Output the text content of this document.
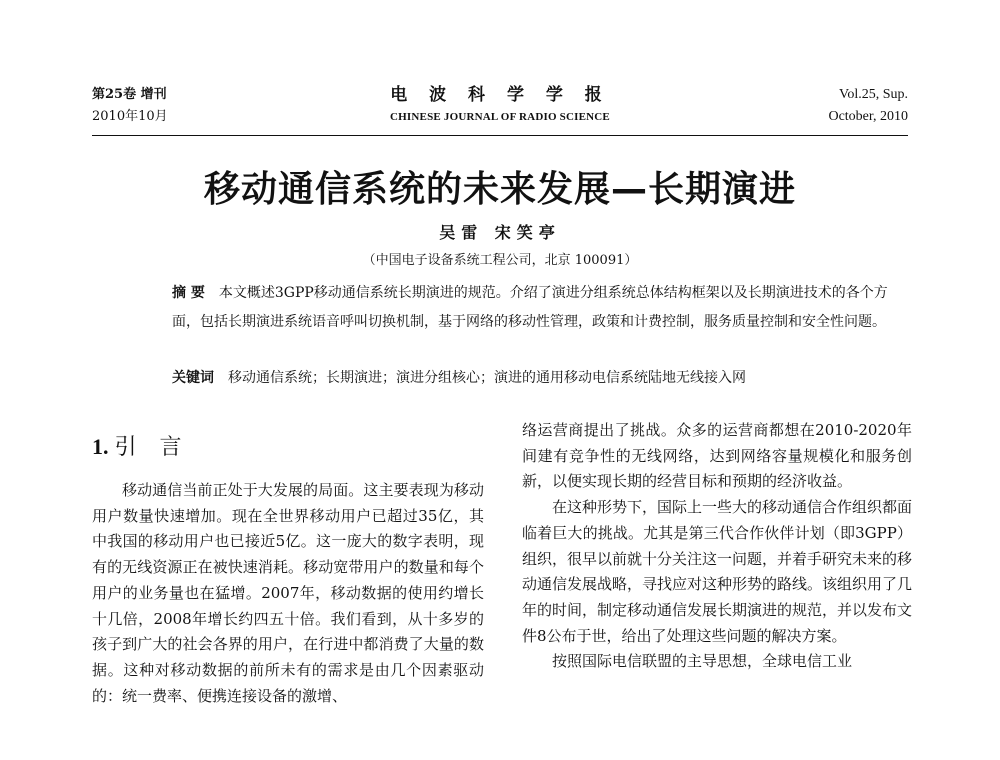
第25卷 增刊
2010年10月
电 波 科 学 学 报
CHINESE JOURNAL OF RADIO SCIENCE
Vol.25, Sup.
October, 2010
移动通信系统的未来发展—长期演进
吴雷 宋笑亭
（中国电子设备系统工程公司，北京 100091）
摘 要 本文概述3GPP移动通信系统长期演进的规范。介绍了演进分组系统总体结构框架以及长期演进技术的各个方面，包括长期演进系统语音呼叫切换机制，基于网络的移动性管理，政策和计费控制，服务质量控制和安全性问题。
关键词 移动通信系统；长期演进；演进分组核心；演进的通用移动电信系统陆地无线接入网
1. 引 言

移动通信当前正处于大发展的局面。这主要表现为移动用户数量快速增加。现在全世界移动用户已超过35亿，其中我国的移动用户也已接近5亿。这一庞大的数字表明，现有的无线资源正在被快速消耗。移动宽带用户的数量和每个用户的业务量也在猛增。2007年，移动数据的使用约增长十几倍，2008年增长约四五十倍。我们看到，从十多岁的孩子到广大的社会各界的用户，在行进中都消费了大量的数据。这种对移动数据的前所未有的需求是由几个因素驱动的：统一费率、便携连接设备的激增、

络运营商提出了挑战。众多的运营商都想在2010-2020年间建有竞争性的无线网络，达到网络容量规模化和服务创新，以便实现长期的经营目标和预期的经济收益。

在这种形势下，国际上一些大的移动通信合作组织都面临着巨大的挑战。尤其是第三代合作伙伴计划（即3GPP）组织，很早以前就十分关注这一问题，并着手研究未来的移动通信发展战略，寻找应对这种形势的路线。该组织用了几年的时间，制定移动通信发展长期演进的规范，并以发布文件8公布于世，给出了处理这些问题的解决方案。

按照国际电信联盟的主导思想，全球电信工业
